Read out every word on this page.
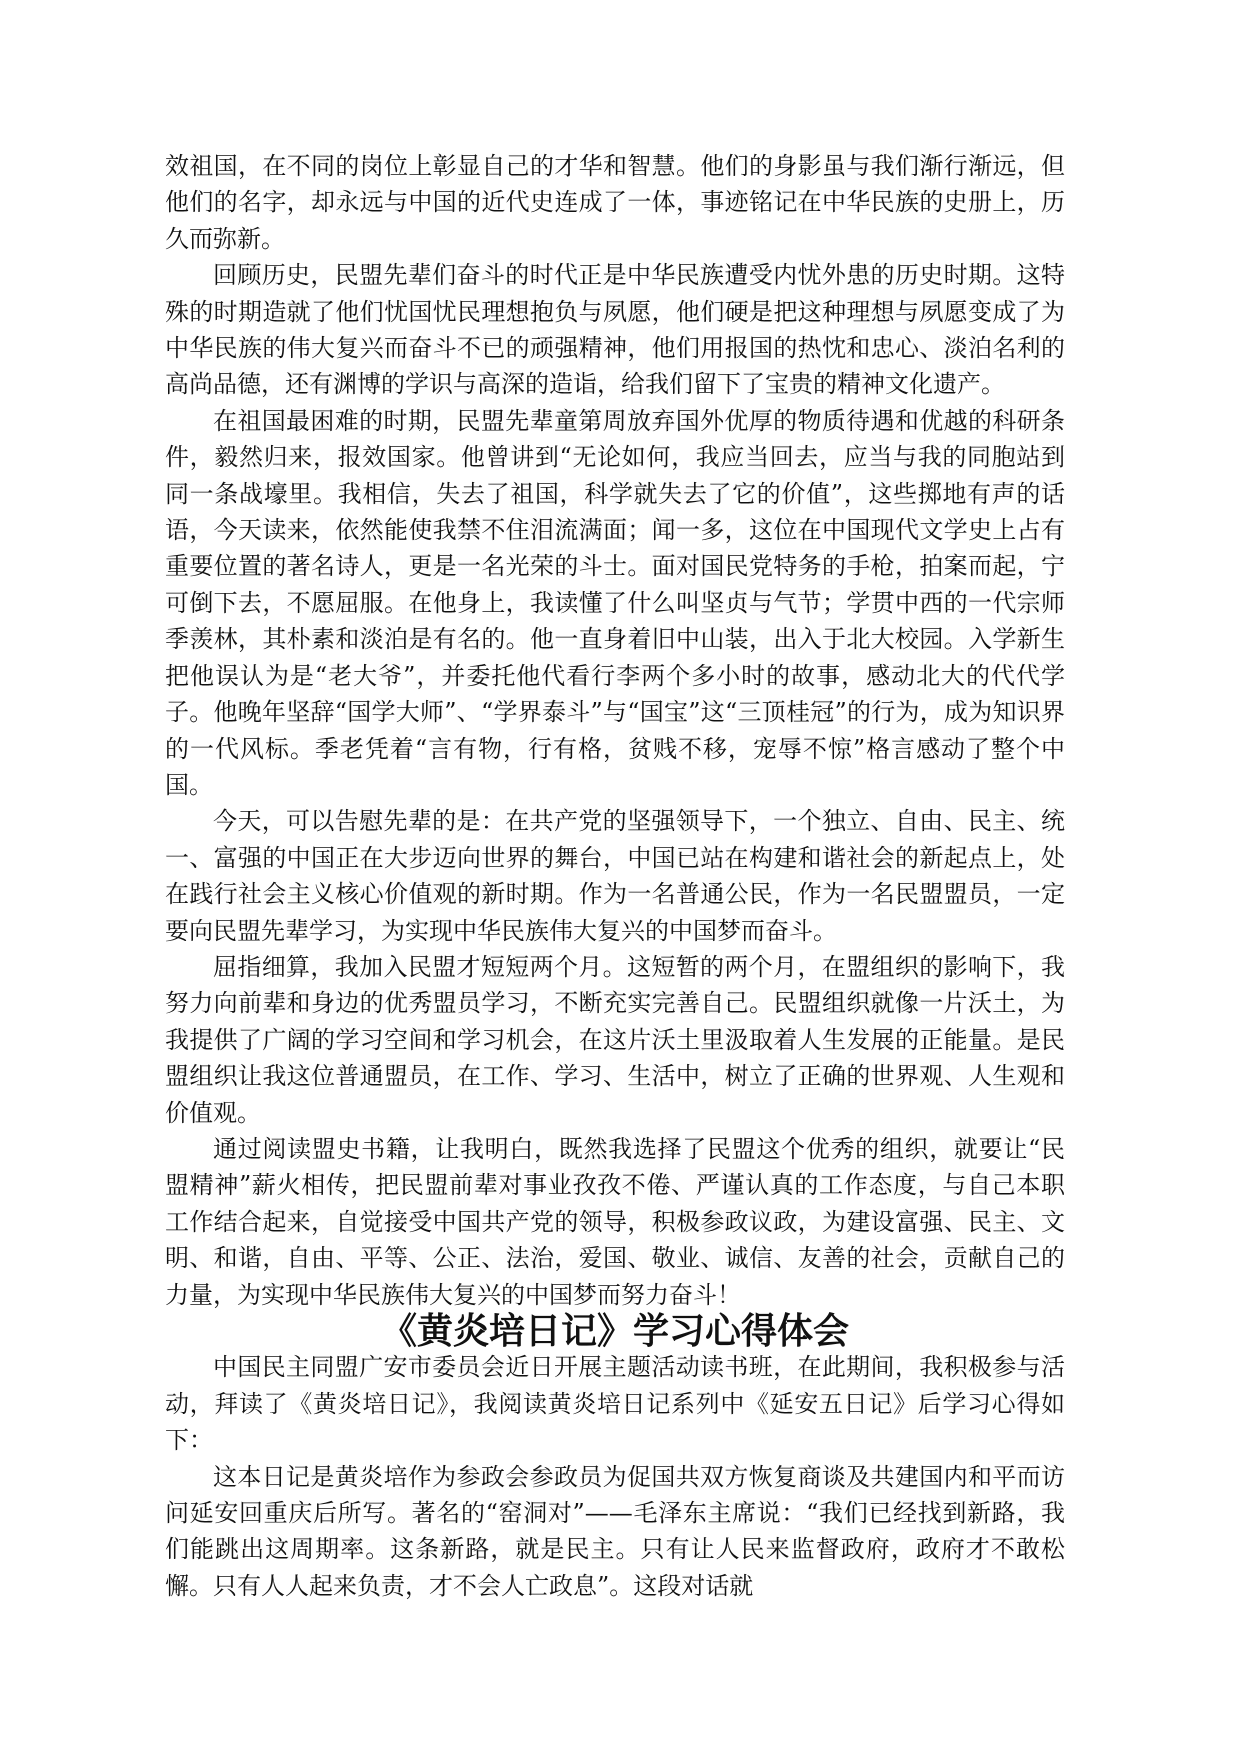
效祖国，在不同的岗位上彰显自己的才华和智慧。他们的身影虽与我们渐行渐远，但他们的名字，却永远与中国的近代史连成了一体，事迹铭记在中华民族的史册上，历久而弥新。

回顾历史，民盟先辈们奋斗的时代正是中华民族遭受内忧外患的历史时期。这特殊的时期造就了他们忧国忧民理想抱负与夙愿，他们硬是把这种理想与夙愿变成了为中华民族的伟大复兴而奋斗不已的顽强精神，他们用报国的热忱和忠心、淡泊名利的高尚品德，还有渊博的学识与高深的造诣，给我们留下了宝贵的精神文化遗产。

在祖国最困难的时期，民盟先辈童第周放弃国外优厚的物质待遇和优越的科研条件，毅然归来，报效国家。他曾讲到“无论如何，我应当回去，应当与我的同胞站到同一条战壕里。我相信，失去了祖国，科学就失去了它的价值”，这些掷地有声的话语，今天读来，依然能使我禁不住泪流满面；闻一多，这位在中国现代文学史上占有重要位置的著名诗人，更是一名光荣的斗士。面对国民党特务的手枪，拍案而起，宁可倒下去，不愿屈服。在他身上，我读懂了什么叫坚贞与气节；学贯中西的一代宗师季羡林，其朴素和淡泊是有名的。他一直身着旧中山装，出入于北大校园。入学新生把他误认为是“老大爷”，并委托他代看行李两个多小时的故事，感动北大的代代学子。他晚年坚辞“国学大师”、“学界泰斗”与“国宝”这“三顶桂冠”的行为，成为知识界的一代风标。季老凭着“言有物，行有格，贫贱不移，宠辱不惊”格言感动了整个中国。

今天，可以告慰先辈的是：在共产党的坚强领导下，一个独立、自由、民主、统一、富强的中国正在大步迈向世界的舞台，中国已站在构建和谐社会的新起点上，处在践行社会主义核心价值观的新时期。作为一名普通公民，作为一名民盟盟员，一定要向民盟先辈学习，为实现中华民族伟大复兴的中国梦而奋斗。

屈指细算，我加入民盟才短短两个月。这短暂的两个月，在盟组织的影响下，我努力向前辈和身边的优秀盟员学习，不断充实完善自己。民盟组织就像一片沃土，为我提供了广阔的学习空间和学习机会，在这片沃土里汲取着人生发展的正能量。是民盟组织让我这位普通盟员，在工作、学习、生活中，树立了正确的世界观、人生观和价值观。

通过阅读盟史书籍，让我明白，既然我选择了民盟这个优秀的组织，就要让“民盟精神”薪火相传，把民盟前辈对事业孜孜不倦、严谨认真的工作态度，与自己本职工作结合起来，自觉接受中国共产党的领导，积极参政议政，为建设富强、民主、文明、和谐，自由、平等、公正、法治，爱国、敬业、诚信、友善的社会，贡献自己的力量，为实现中华民族伟大复兴的中国梦而努力奋斗！

《黄炎培日记》学习心得体会

中国民主同盟广安市委员会近日开展主题活动读书班，在此期间，我积极参与活动，拜读了《黄炎培日记》，我阅读黄炎培日记系列中《延安五日记》后学习心得如下：

这本日记是黄炎培作为参政会参政员为促国共双方恢复商谈及共建国内和平而访问延安回重庆后所写。著名的“窑洞对”——毛泽东主席说：“我们已经找到新路，我们能跳出这周期率。这条新路，就是民主。只有让人民来监督政府，政府才不敢松懈。只有人人起来负责，才不会人亡政息”。这段对话就
